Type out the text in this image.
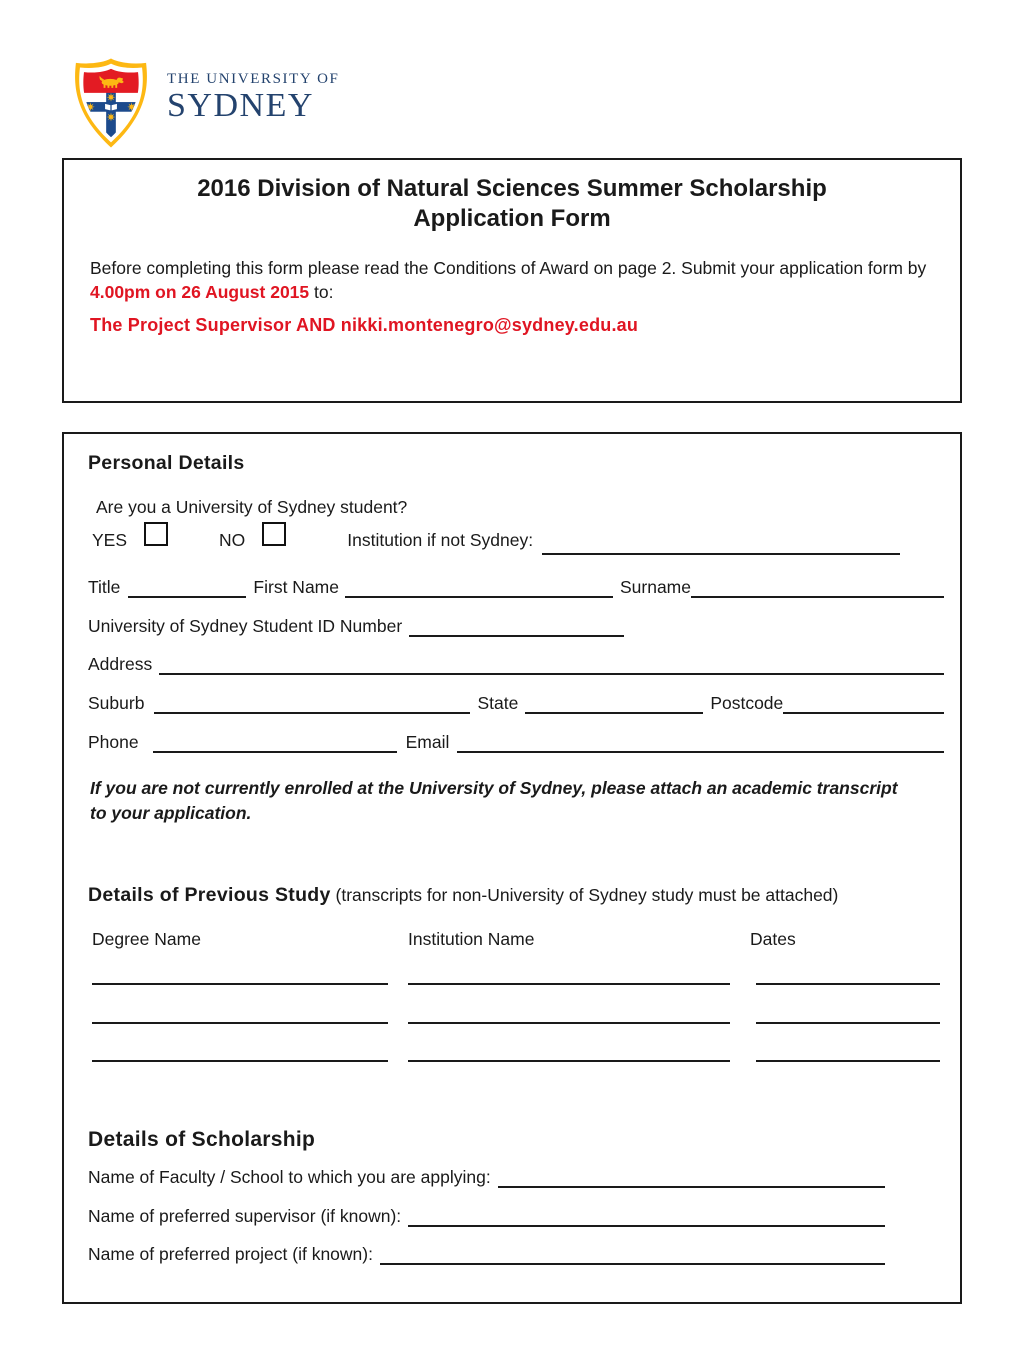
THE UNIVERSITY OF
SYDNEY
2016 Division of Natural Sciences Summer Scholarship
Application Form
Before completing this form please read the Conditions of Award on page 2. Submit your application form by 4.00pm on 26 August 2015 to:
The Project Supervisor AND nikki.montenegro@sydney.edu.au
Personal Details
Are you a University of Sydney student?
YES	NO	Institution if not Sydney:
Title	First Name	Surname
University of Sydney Student ID Number
Address
Suburb	State	Postcode
Phone	Email
If you are not currently enrolled at the University of Sydney, please attach an academic transcript to your application.
Details of Previous Study (transcripts for non-University of Sydney study must be attached)
Degree Name	Institution Name	Dates
Details of Scholarship
Name of Faculty / School to which you are applying:
Name of preferred supervisor (if known):
Name of preferred project (if known):
